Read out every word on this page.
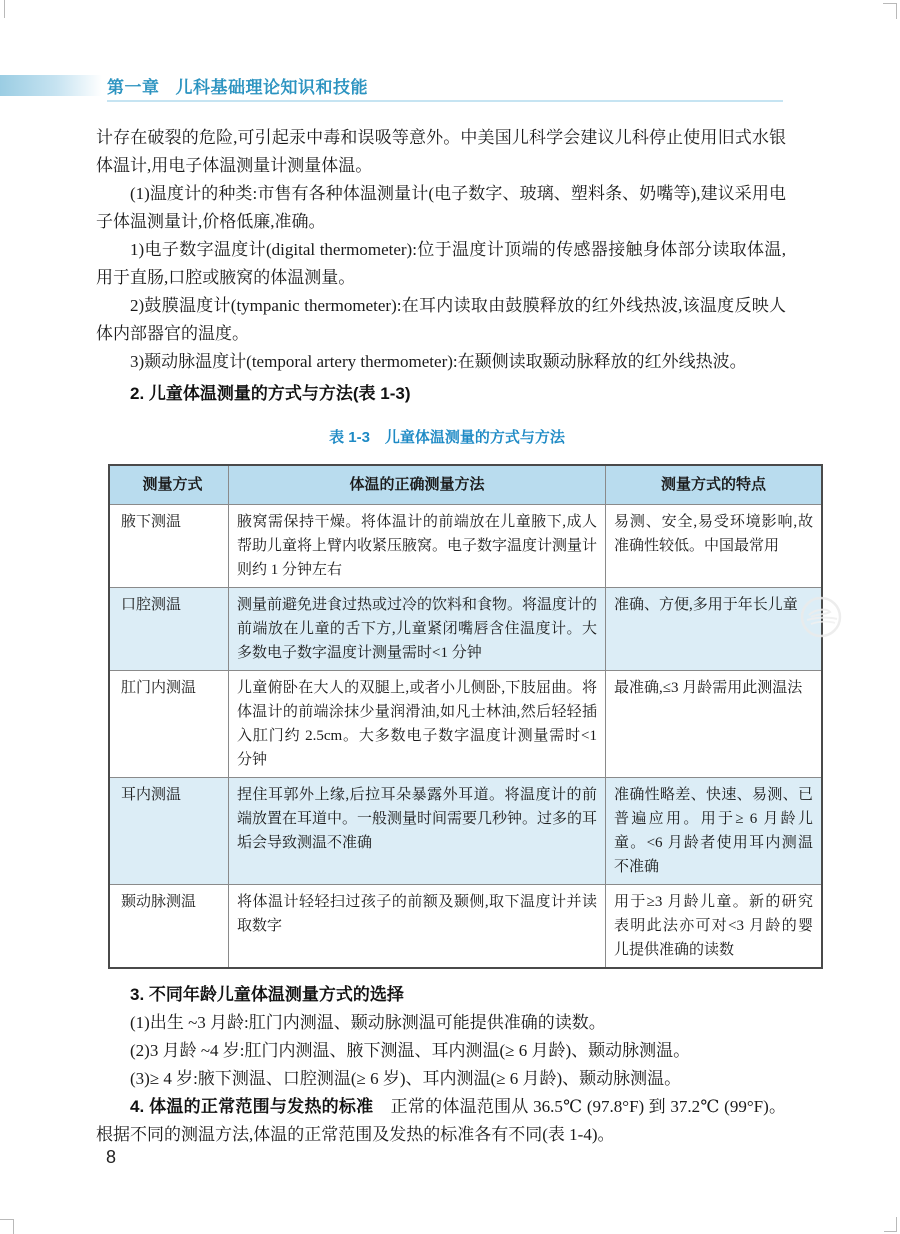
第一章 儿科基础理论知识和技能

计存在破裂的危险,可引起汞中毒和误吸等意外。中美国儿科学会建议儿科停止使用旧式水银体温计,用电子体温测量计测量体温。

(1)温度计的种类:市售有各种体温测量计(电子数字、玻璃、塑料条、奶嘴等),建议采用电子体温测量计,价格低廉,准确。

1)电子数字温度计(digital thermometer):位于温度计顶端的传感器接触身体部分读取体温,用于直肠,口腔或腋窝的体温测量。

2)鼓膜温度计(tympanic thermometer):在耳内读取由鼓膜释放的红外线热波,该温度反映人体内部器官的温度。

3)颞动脉温度计(temporal artery thermometer):在颞侧读取颞动脉释放的红外线热波。

2. 儿童体温测量的方式与方法(表 1-3)

表 1-3　儿童体温测量的方式与方法
测量方式	体温的正确测量方法	测量方式的特点
腋下测温	腋窝需保持干燥。将体温计的前端放在儿童腋下,成人帮助儿童将上臂内收紧压腋窝。电子数字温度计测量计则约 1 分钟左右	易测、安全,易受环境影响,故准确性较低。中国最常用
口腔测温	测量前避免进食过热或过冷的饮料和食物。将温度计的前端放在儿童的舌下方,儿童紧闭嘴唇含住温度计。大多数电子数字温度计测量需时<1 分钟	准确、方便,多用于年长儿童
肛门内测温	儿童俯卧在大人的双腿上,或者小儿侧卧,下肢屈曲。将体温计的前端涂抹少量润滑油,如凡士林油,然后轻轻插入肛门约 2.5cm。大多数电子数字温度计测量需时<1 分钟	最准确,≤3 月龄需用此测温法
耳内测温	捏住耳郭外上缘,后拉耳朵暴露外耳道。将温度计的前端放置在耳道中。一般测量时间需要几秒钟。过多的耳垢会导致测温不准确	准确性略差、快速、易测、已普遍应用。用于≥ 6 月龄儿童。<6 月龄者使用耳内测温不准确
颞动脉测温	将体温计轻轻扫过孩子的前额及颞侧,取下温度计并读取数字	用于≥3 月龄儿童。新的研究表明此法亦可对<3 月龄的婴儿提供准确的读数

3. 不同年龄儿童体温测量方式的选择

(1)出生 ~3 月龄:肛门内测温、颞动脉测温可能提供准确的读数。

(2)3 月龄 ~4 岁:肛门内测温、腋下测温、耳内测温(≥ 6 月龄)、颞动脉测温。

(3)≥ 4 岁:腋下测温、口腔测温(≥ 6 岁)、耳内测温(≥ 6 月龄)、颞动脉测温。

4. 体温的正常范围与发热的标准　正常的体温范围从 36.5℃ (97.8°F) 到 37.2℃ (99°F)。根据不同的测温方法,体温的正常范围及发热的标准各有不同(表 1-4)。

8
